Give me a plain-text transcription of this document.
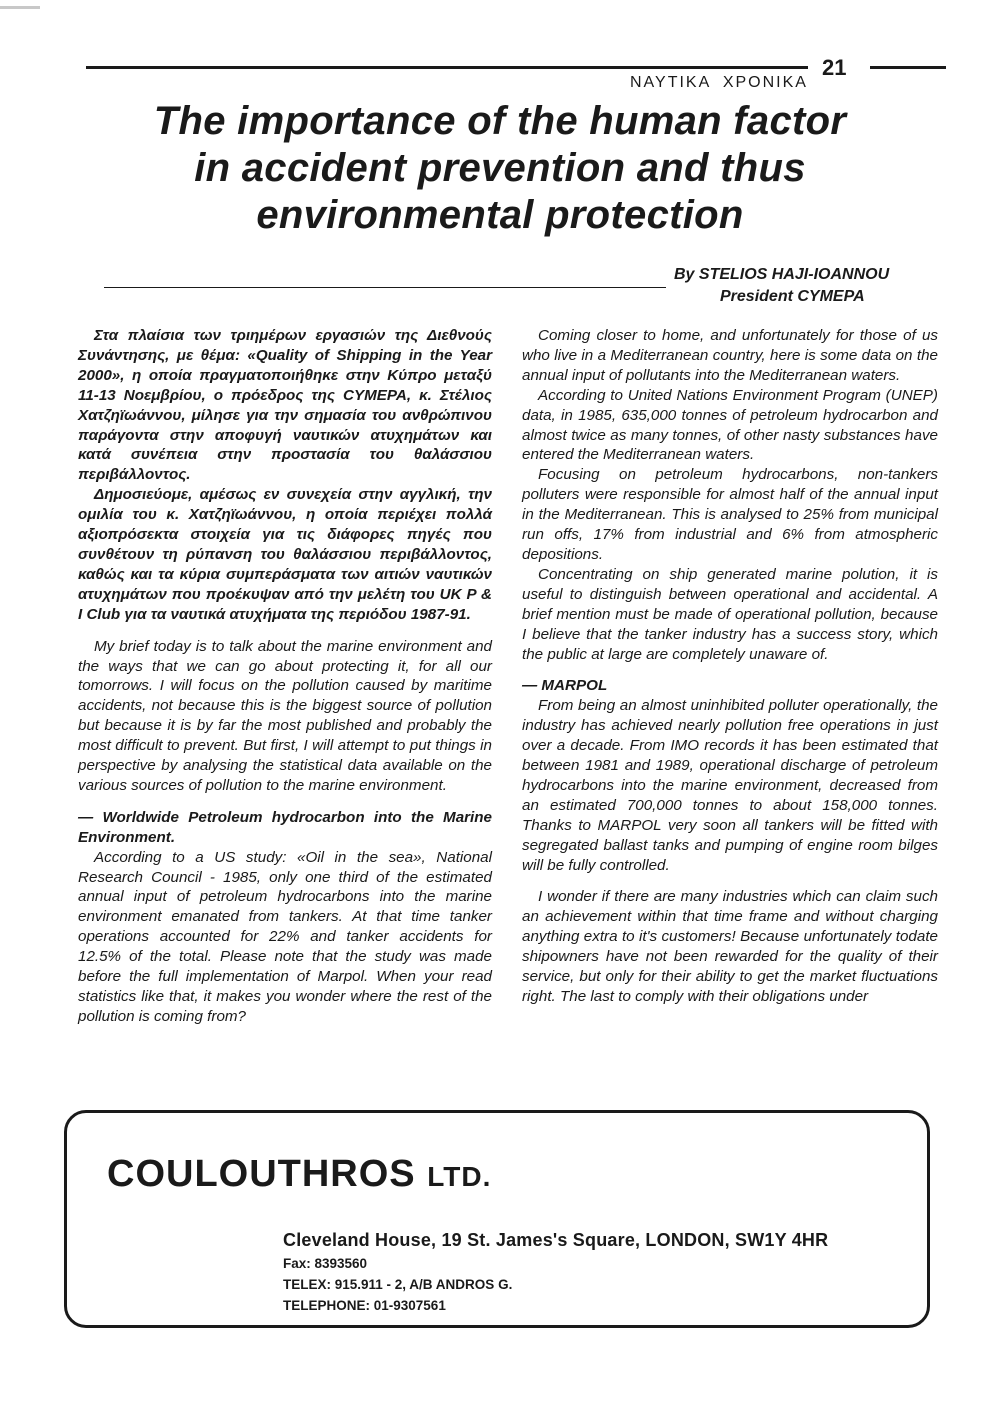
ΝΑΥΤΙΚΑ ΧΡΟΝΙΚΑ
21
The importance of the human factor
in accident prevention and thus
environmental protection
By STELIOS HAJI-IOANNOU
President CYMEPA

Στα πλαίσια των τριημέρων εργασιών της Διεθνούς Συνάντησης, με θέμα: «Quality of Shipping in the Year 2000», η οποία πραγματοποιήθηκε στην Κύπρο μεταξύ 11-13 Νοεμβρίου, ο πρόεδρος της CYMEPA, κ. Στέλιος Χατζηϊωάννου, μίλησε για την σημασία του ανθρώπινου παράγοντα στην αποφυγή ναυτικών ατυχημάτων και κατά συνέπεια στην προστασία του θαλάσσιου περιβάλλοντος.

Δημοσιεύομε, αμέσως εν συνεχεία στην αγγλική, την ομιλία του κ. Χατζηϊωάννου, η οποία περιέχει πολλά αξιοπρόσεκτα στοιχεία για τις διάφορες πηγές που συνθέτουν τη ρύπανση του θαλάσσιου περιβάλλοντος, καθώς και τα κύρια συμπεράσματα των αιτιών ναυτικών ατυχημάτων που προέκυψαν από την μελέτη του UK P & I Club για τα ναυτικά ατυχήματα της περιόδου 1987-91.

My brief today is to talk about the marine environment and the ways that we can go about protecting it, for all our tomorrows. I will focus on the pollution caused by maritime accidents, not because this is the biggest source of pollution but because it is by far the most published and probably the most difficult to prevent. But first, I will attempt to put things in perspective by analysing the statistical data available on the various sources of pollution to the marine environment.

— Worldwide Petroleum hydrocarbon into the Marine Environment.

According to a US study: «Oil in the sea», National Research Council - 1985, only one third of the estimated annual input of petroleum hydrocarbons into the marine environment emanated from tankers. At that time tanker operations accounted for 22% and tanker accidents for 12.5% of the total. Please note that the study was made before the full implementation of Marpol. When your read statistics like that, it makes you wonder where the rest of the pollution is coming from?

Coming closer to home, and unfortunately for those of us who live in a Mediterranean country, here is some data on the annual input of pollutants into the Mediterranean waters.

According to United Nations Environment Program (UNEP) data, in 1985, 635,000 tonnes of petroleum hydrocarbon and almost twice as many tonnes, of other nasty substances have entered the Mediterranean waters.

Focusing on petroleum hydrocarbons, non-tankers polluters were responsible for almost half of the annual input in the Mediterranean. This is analysed to 25% from municipal run offs, 17% from industrial and 6% from atmospheric depositions.

Concentrating on ship generated marine polution, it is useful to distinguish between operational and accidental. A brief mention must be made of operational pollution, because I believe that the tanker industry has a success story, which the public at large are completely unaware of.

— MARPOL

From being an almost uninhibited polluter operationally, the industry has achieved nearly pollution free operations in just over a decade. From IMO records it has been estimated that between 1981 and 1989, operational discharge of petroleum hydrocarbons into the marine environment, decreased from an estimated 700,000 tonnes to about 158,000 tonnes. Thanks to MARPOL very soon all tankers will be fitted with segregated ballast tanks and pumping of engine room bilges will be fully controlled.

I wonder if there are many industries which can claim such an achievement within that time frame and without charging anything extra to it's customers! Because unfortunately todate shipowners have not been rewarded for the quality of their service, but only for their ability to get the market fluctuations right. The last to comply with their obligations under

COULOUTHROS LTD.
Cleveland House, 19 St. James's Square, LONDON, SW1Y 4HR
Fax: 8393560
TELEX: 915.911 - 2, A/B ANDROS G.
TELEPHONE: 01-9307561
